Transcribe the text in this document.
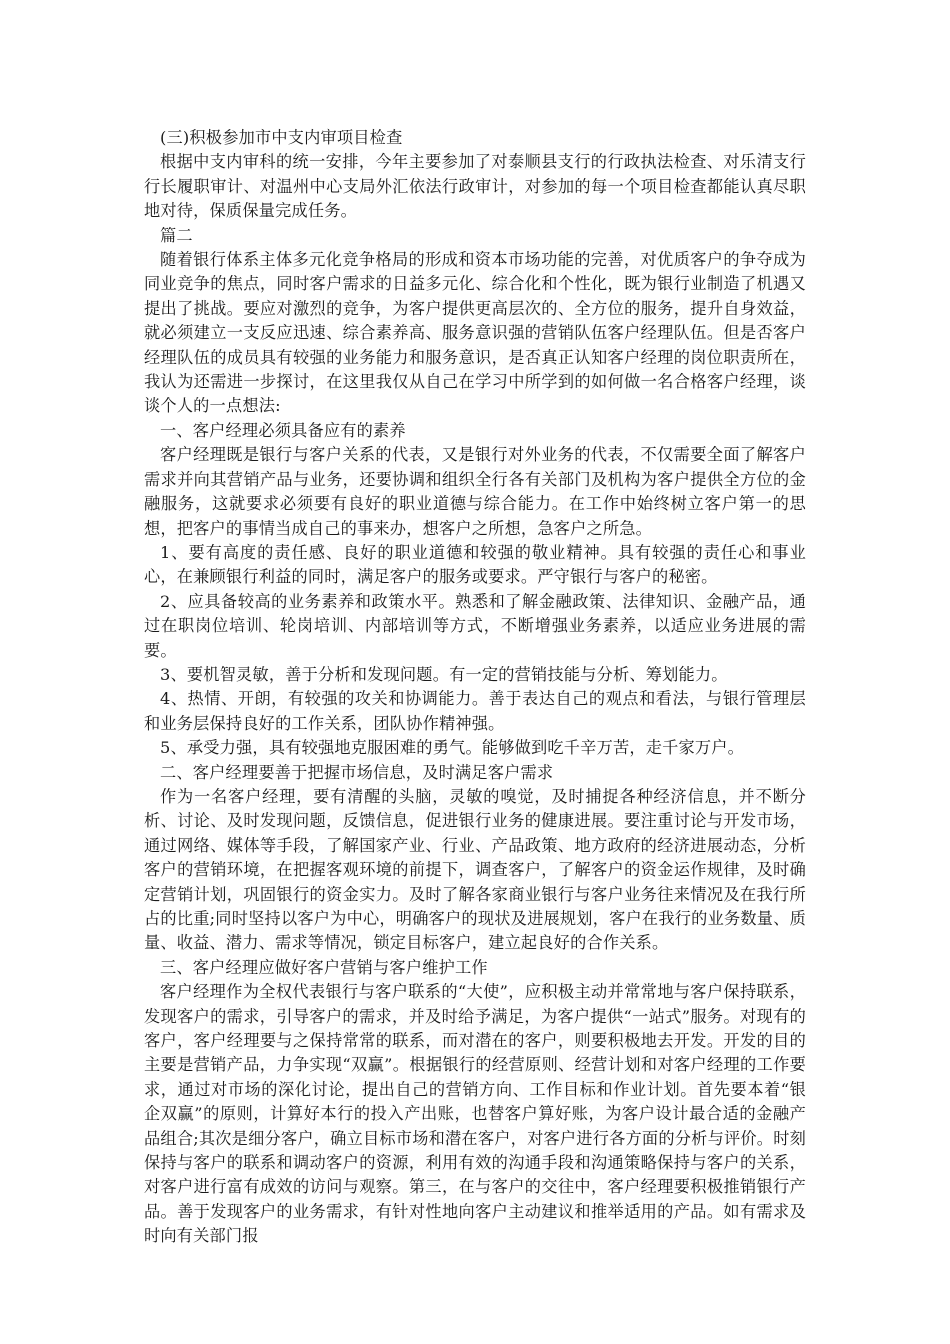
(三)积极参加市中支内审项目检查

根据中支内审科的统一安排，今年主要参加了对泰顺县支行的行政执法检查、对乐清支行行长履职审计、对温州中心支局外汇依法行政审计，对参加的每一个项目检查都能认真尽职地对待，保质保量完成任务。

篇二

随着银行体系主体多元化竞争格局的形成和资本市场功能的完善，对优质客户的争夺成为同业竞争的焦点，同时客户需求的日益多元化、综合化和个性化，既为银行业制造了机遇又提出了挑战。要应对激烈的竞争，为客户提供更高层次的、全方位的服务，提升自身效益，就必须建立一支反应迅速、综合素养高、服务意识强的营销队伍客户经理队伍。但是否客户经理队伍的成员具有较强的业务能力和服务意识，是否真正认知客户经理的岗位职责所在，我认为还需进一步探讨，在这里我仅从自己在学习中所学到的如何做一名合格客户经理，谈谈个人的一点想法:

一、客户经理必须具备应有的素养

客户经理既是银行与客户关系的代表，又是银行对外业务的代表，不仅需要全面了解客户需求并向其营销产品与业务，还要协调和组织全行各有关部门及机构为客户提供全方位的金融服务，这就要求必须要有良好的职业道德与综合能力。在工作中始终树立客户第一的思想，把客户的事情当成自己的事来办，想客户之所想，急客户之所急。

1、要有高度的责任感、良好的职业道德和较强的敬业精神。具有较强的责任心和事业心，在兼顾银行利益的同时，满足客户的服务或要求。严守银行与客户的秘密。

2、应具备较高的业务素养和政策水平。熟悉和了解金融政策、法律知识、金融产品，通过在职岗位培训、轮岗培训、内部培训等方式，不断增强业务素养，以适应业务进展的需要。

3、要机智灵敏，善于分析和发现问题。有一定的营销技能与分析、筹划能力。

4、热情、开朗，有较强的攻关和协调能力。善于表达自己的观点和看法，与银行管理层和业务层保持良好的工作关系，团队协作精神强。

5、承受力强，具有较强地克服困难的勇气。能够做到吃千辛万苦，走千家万户。

二、客户经理要善于把握市场信息，及时满足客户需求

作为一名客户经理，要有清醒的头脑，灵敏的嗅觉，及时捕捉各种经济信息，并不断分析、讨论、及时发现问题，反馈信息，促进银行业务的健康进展。要注重讨论与开发市场，通过网络、媒体等手段，了解国家产业、行业、产品政策、地方政府的经济进展动态，分析客户的营销环境，在把握客观环境的前提下，调查客户，了解客户的资金运作规律，及时确定营销计划，巩固银行的资金实力。及时了解各家商业银行与客户业务往来情况及在我行所占的比重;同时坚持以客户为中心，明确客户的现状及进展规划，客户在我行的业务数量、质量、收益、潜力、需求等情况，锁定目标客户，建立起良好的合作关系。

三、客户经理应做好客户营销与客户维护工作

客户经理作为全权代表银行与客户联系的“大使”，应积极主动并常常地与客户保持联系，发现客户的需求，引导客户的需求，并及时给予满足，为客户提供“一站式”服务。对现有的客户，客户经理要与之保持常常的联系，而对潜在的客户，则要积极地去开发。开发的目的主要是营销产品，力争实现“双赢”。根据银行的经营原则、经营计划和对客户经理的工作要求，通过对市场的深化讨论，提出自己的营销方向、工作目标和作业计划。首先要本着“银企双赢”的原则，计算好本行的投入产出账，也替客户算好账，为客户设计最合适的金融产品组合;其次是细分客户，确立目标市场和潜在客户，对客户进行各方面的分析与评价。时刻保持与客户的联系和调动客户的资源，利用有效的沟通手段和沟通策略保持与客户的关系，对客户进行富有成效的访问与观察。第三，在与客户的交往中，客户经理要积极推销银行产品。善于发现客户的业务需求，有针对性地向客户主动建议和推举适用的产品。如有需求及时向有关部门报
